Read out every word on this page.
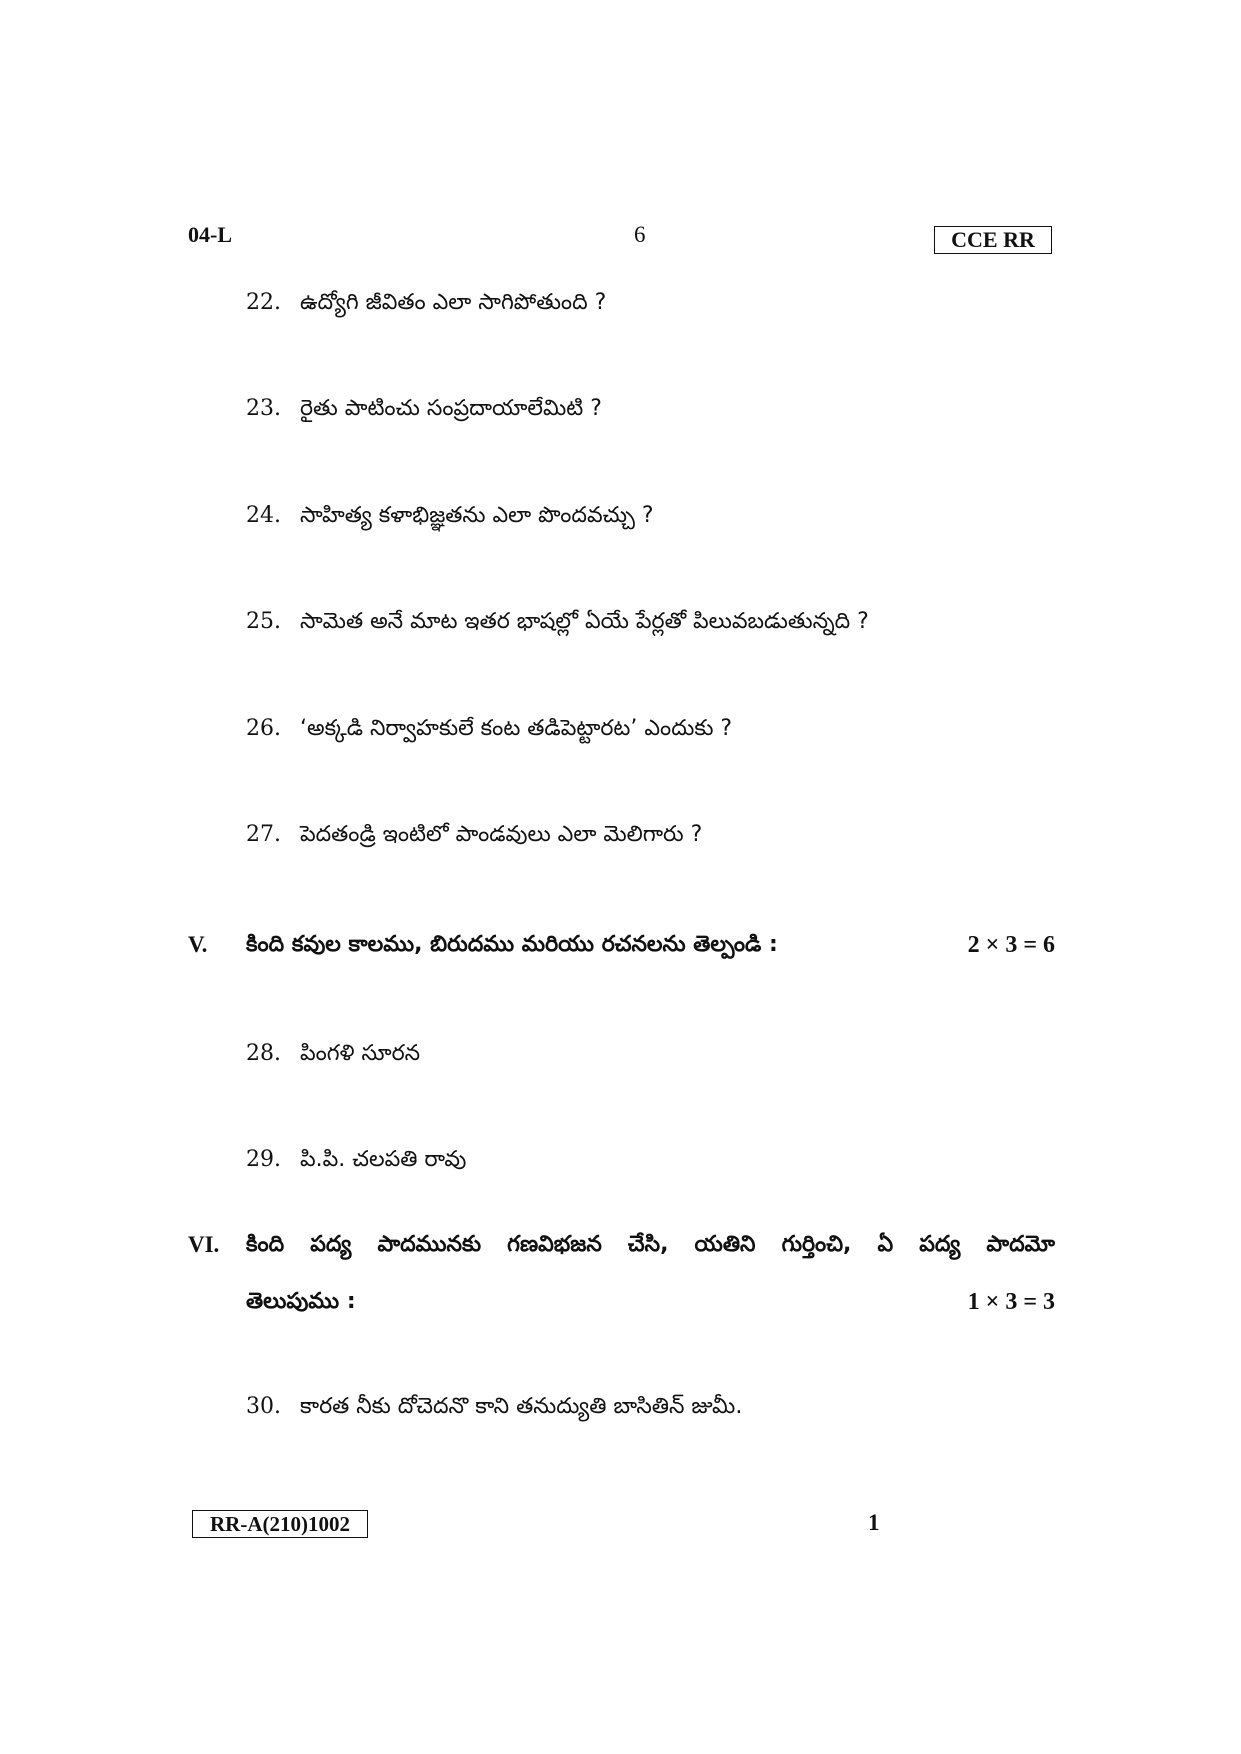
04-L	6	CCE RR
22. ఉద్యోగి జీవితం ఎలా సాగిపోతుంది ?
23. రైతు పాటించు సంప్రదాయాలేమిటి ?
24. సాహిత్య కళాభిజ్ఞతను ఎలా పొందవచ్చు ?
25. సామెత అనే మాట ఇతర భాషల్లో ఏయే పేర్లతో పిలువబడుతున్నది ?
26. ‘అక్కడి నిర్వాహకులే కంట తడిపెట్టారట’ ఎందుకు ?
27. పెదతండ్రి ఇంటిలో పాండవులు ఎలా మెలిగారు ?
V. కింది కవుల కాలము, బిరుదము మరియు రచనలను తెల్పండి :	2 × 3 = 6
28. పింగళి సూరన
29. పి.పి. చలపతి రావు
VI. కింది పద్య పాదమునకు గణవిభజన చేసి, యతిని గుర్తించి, ఏ పద్య పాదమో
తెలుపుము :	1 × 3 = 3
30. కారత నీకు దోచెదనొ కాని తనుద్యుతి బాసితిన్ జుమీ.
RR-A(210)1002	1
